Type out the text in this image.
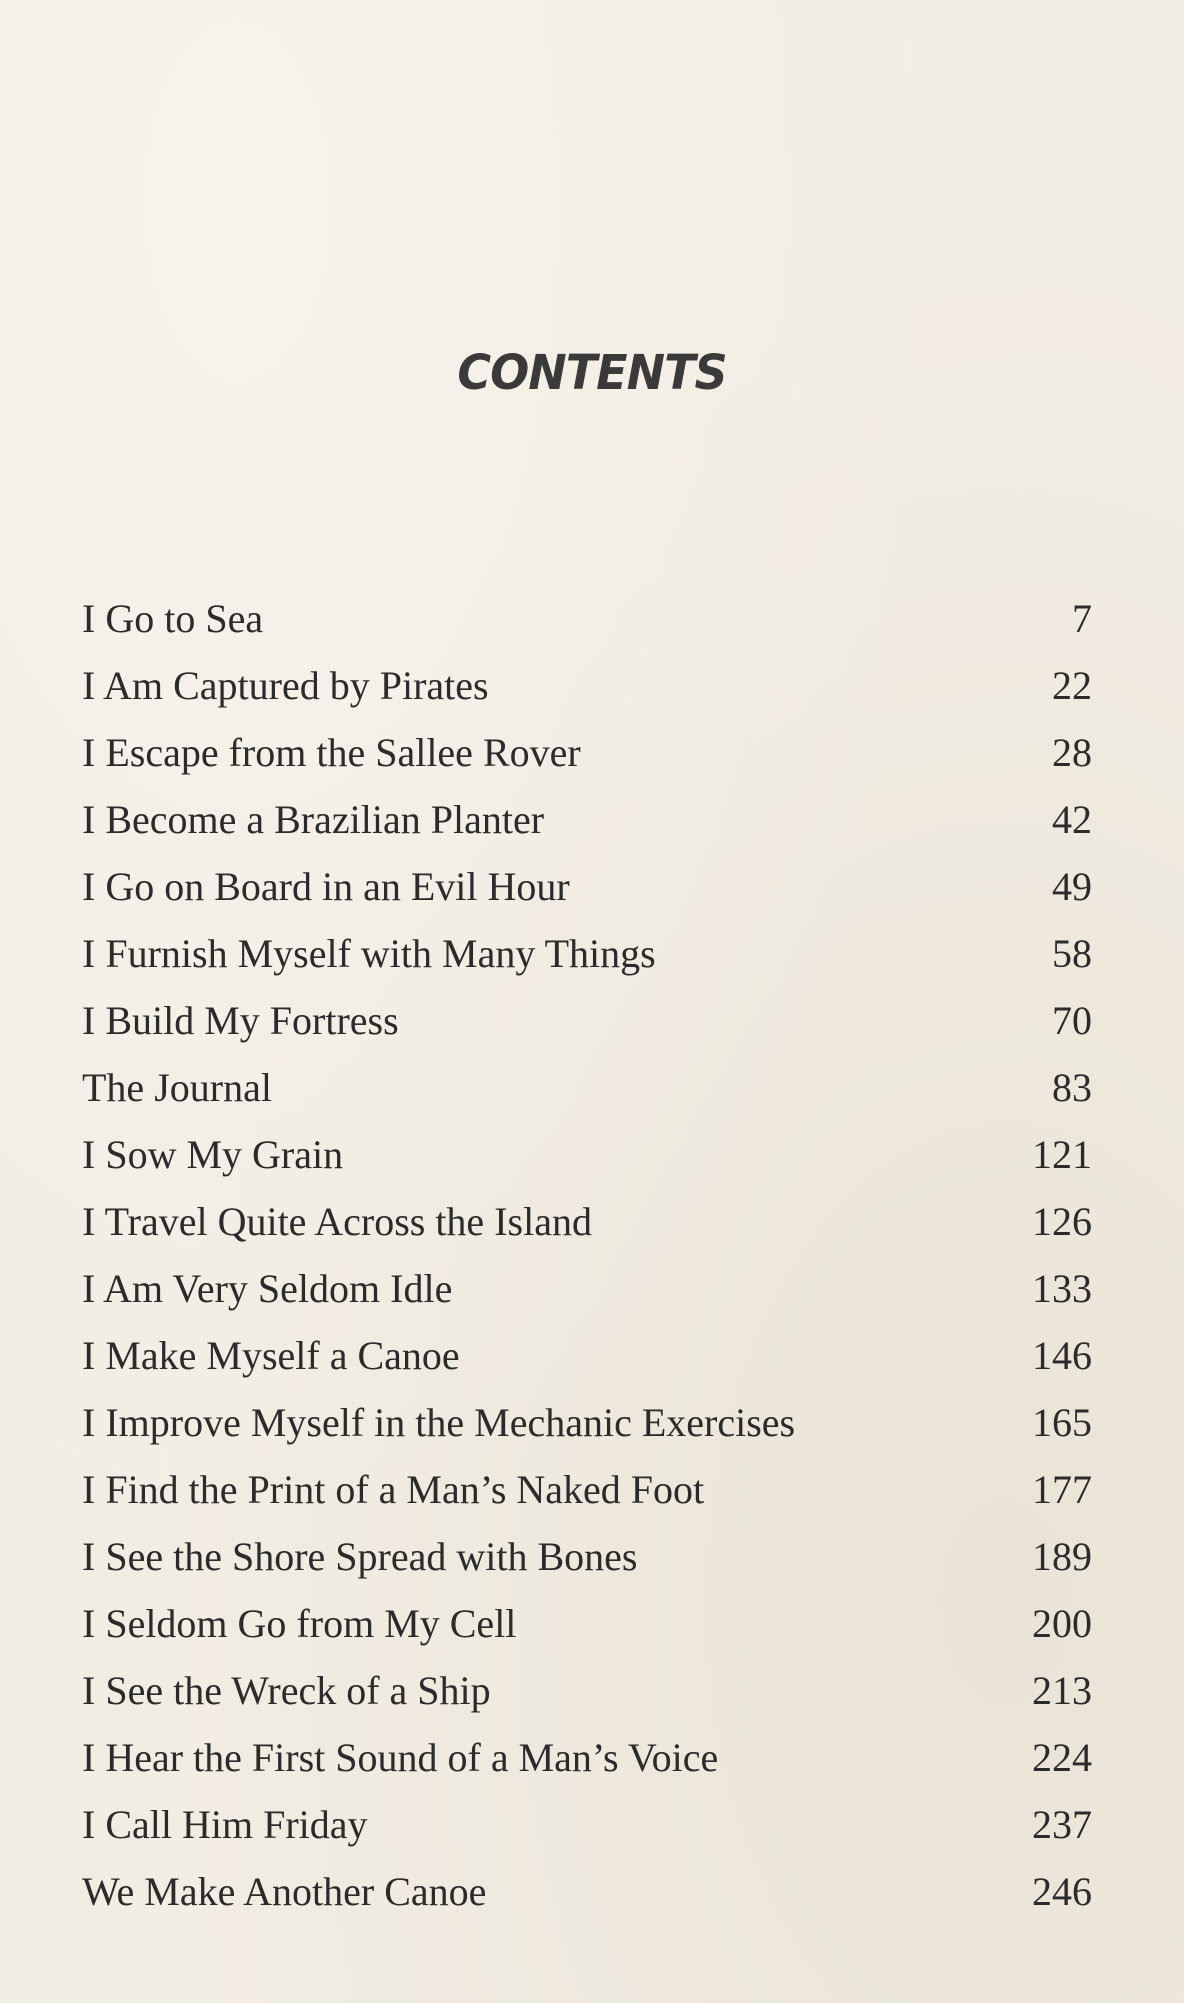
CONTENTS
I Go to Sea	7
I Am Captured by Pirates	22
I Escape from the Sallee Rover	28
I Become a Brazilian Planter	42
I Go on Board in an Evil Hour	49
I Furnish Myself with Many Things	58
I Build My Fortress	70
The Journal	83
I Sow My Grain	121
I Travel Quite Across the Island	126
I Am Very Seldom Idle	133
I Make Myself a Canoe	146
I Improve Myself in the Mechanic Exercises	165
I Find the Print of a Man’s Naked Foot	177
I See the Shore Spread with Bones	189
I Seldom Go from My Cell	200
I See the Wreck of a Ship	213
I Hear the First Sound of a Man’s Voice	224
I Call Him Friday	237
We Make Another Canoe	246
